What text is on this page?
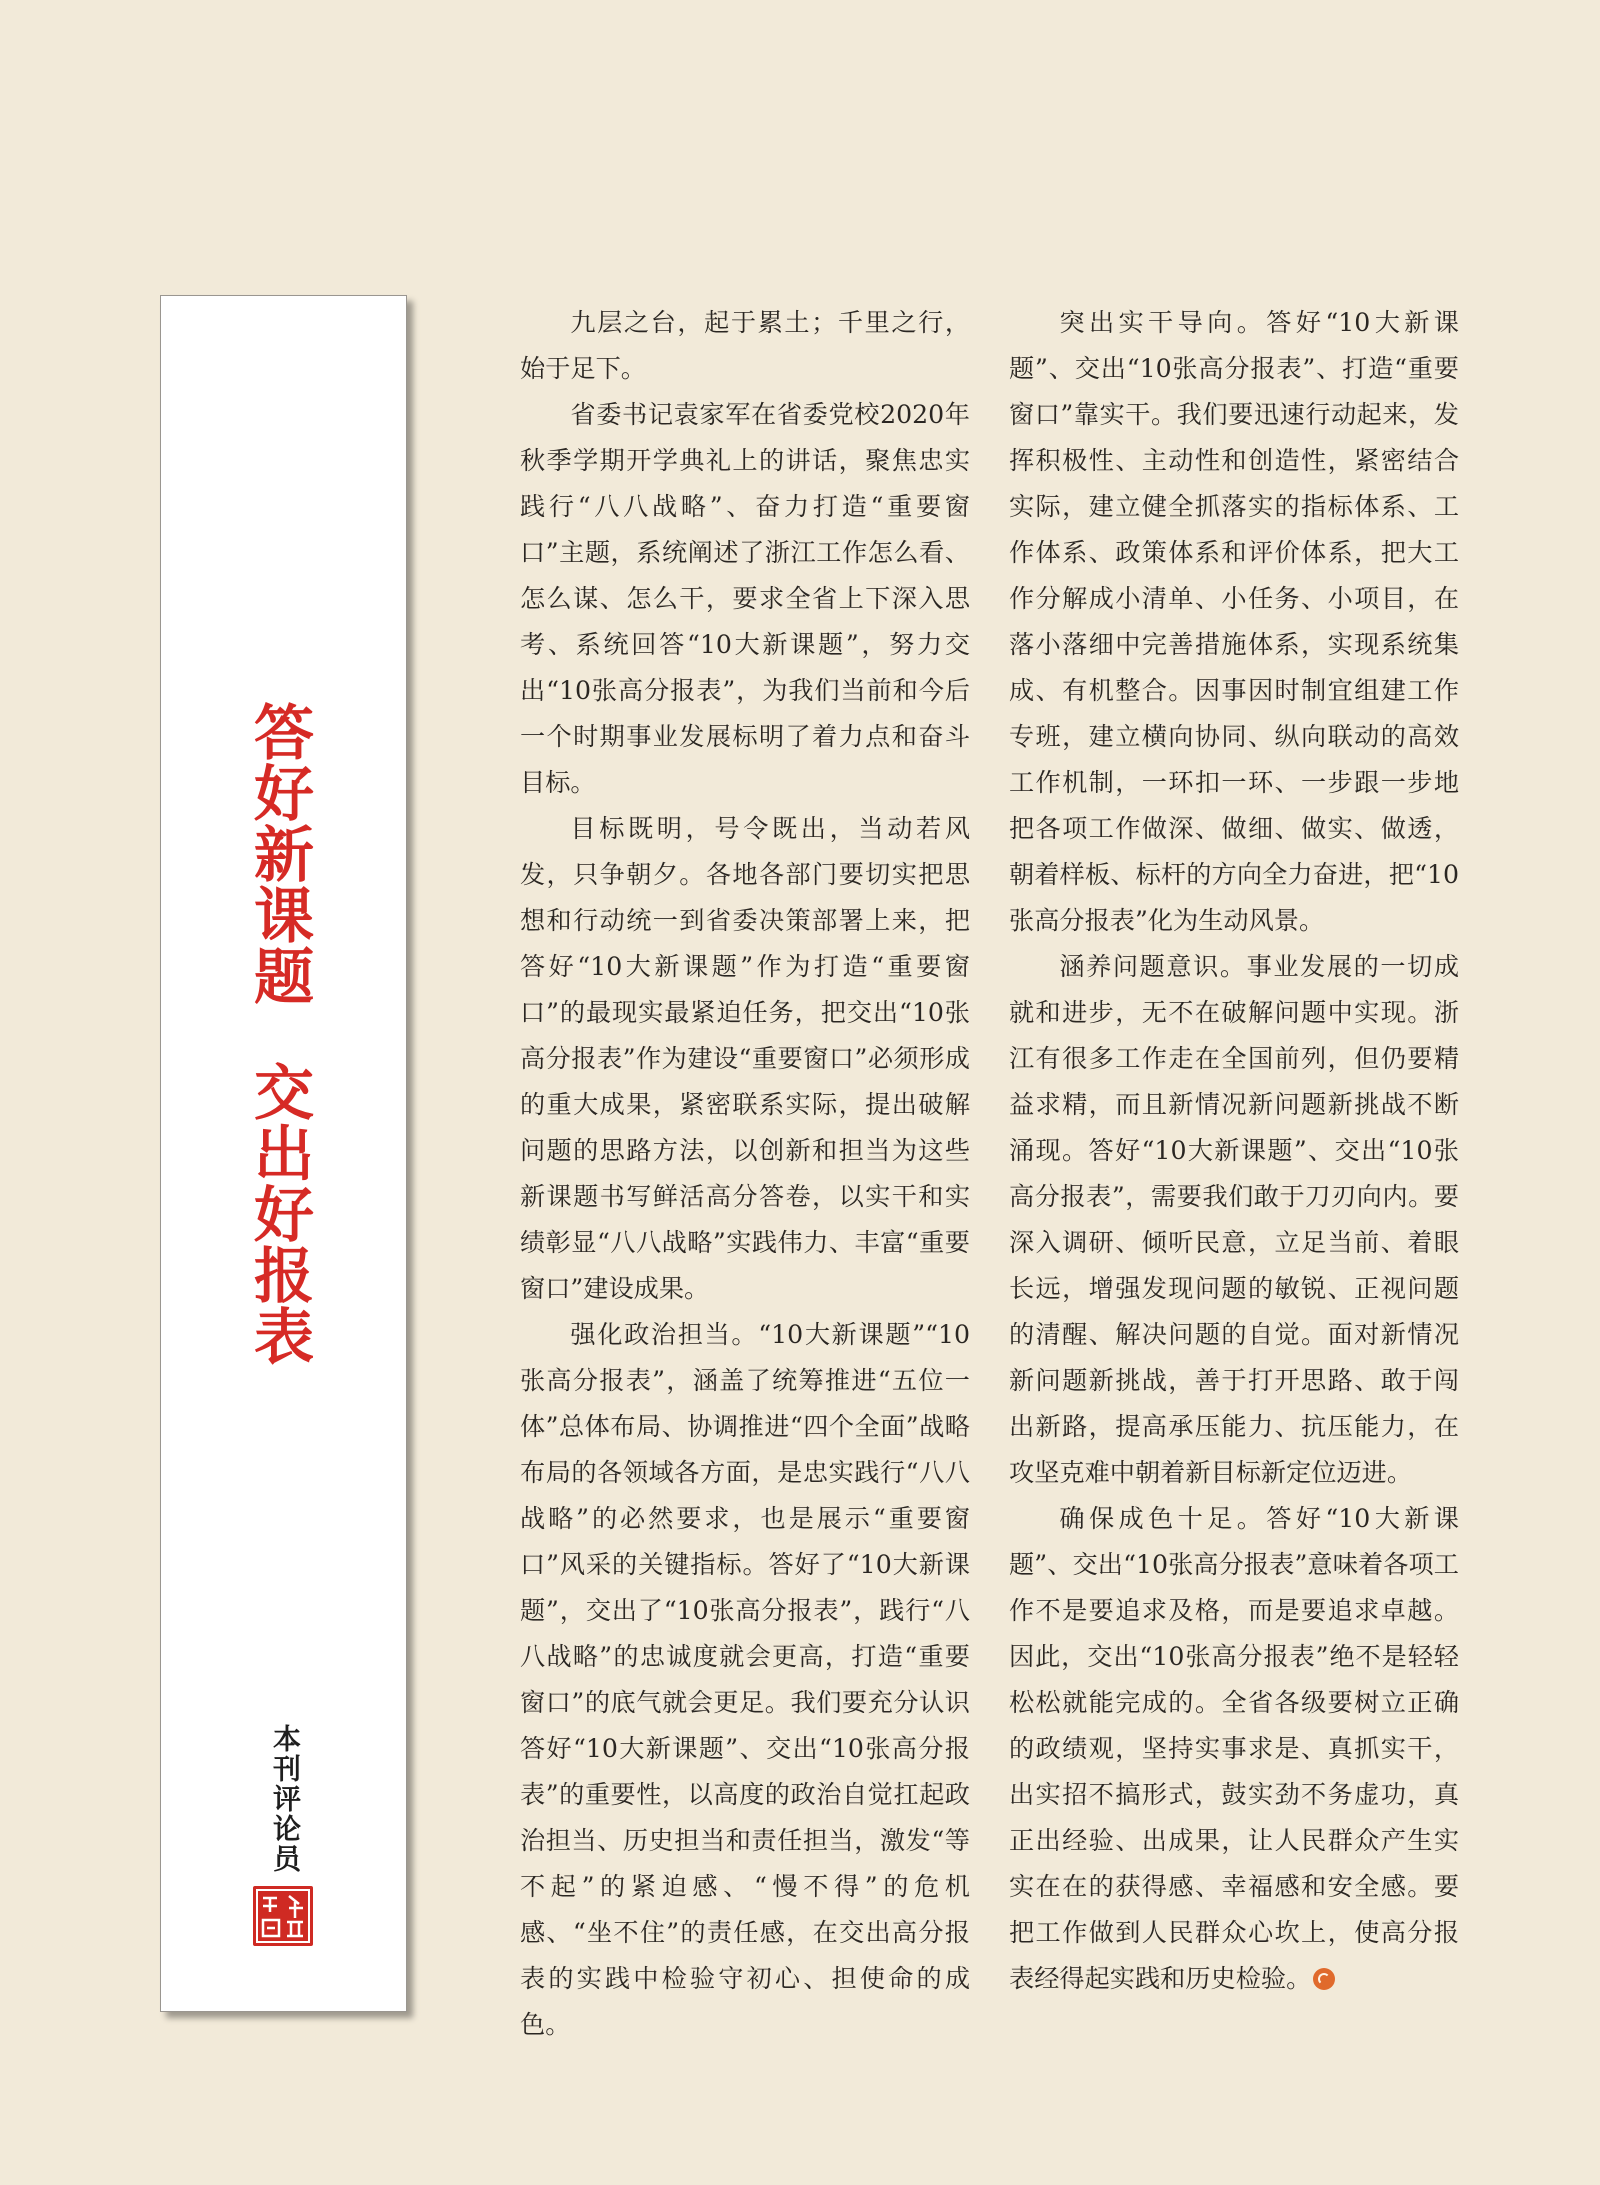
答好新课题
交出好报表
本刊评论员

九层之台，起于累土；千里之行，始于足下。

省委书记袁家军在省委党校2020年秋季学期开学典礼上的讲话，聚焦忠实践行“八八战略”、奋力打造“重要窗口”主题，系统阐述了浙江工作怎么看、怎么谋、怎么干，要求全省上下深入思考、系统回答“10大新课题”，努力交出“10张高分报表”，为我们当前和今后一个时期事业发展标明了着力点和奋斗目标。

目标既明，号令既出，当动若风发，只争朝夕。各地各部门要切实把思想和行动统一到省委决策部署上来，把答好“10大新课题”作为打造“重要窗口”的最现实最紧迫任务，把交出“10张高分报表”作为建设“重要窗口”必须形成的重大成果，紧密联系实际，提出破解问题的思路方法，以创新和担当为这些新课题书写鲜活高分答卷，以实干和实绩彰显“八八战略”实践伟力、丰富“重要窗口”建设成果。

强化政治担当。“10大新课题”“10张高分报表”，涵盖了统筹推进“五位一体”总体布局、协调推进“四个全面”战略布局的各领域各方面，是忠实践行“八八战略”的必然要求，也是展示“重要窗口”风采的关键指标。答好了“10大新课题”，交出了“10张高分报表”，践行“八八战略”的忠诚度就会更高，打造“重要窗口”的底气就会更足。我们要充分认识答好“10大新课题”、交出“10张高分报表”的重要性，以高度的政治自觉扛起政治担当、历史担当和责任担当，激发“等不起”的紧迫感、“慢不得”的危机感、“坐不住”的责任感，在交出高分报表的实践中检验守初心、担使命的成色。

突出实干导向。答好“10大新课题”、交出“10张高分报表”、打造“重要窗口”靠实干。我们要迅速行动起来，发挥积极性、主动性和创造性，紧密结合实际，建立健全抓落实的指标体系、工作体系、政策体系和评价体系，把大工作分解成小清单、小任务、小项目，在落小落细中完善措施体系，实现系统集成、有机整合。因事因时制宜组建工作专班，建立横向协同、纵向联动的高效工作机制，一环扣一环、一步跟一步地把各项工作做深、做细、做实、做透，朝着样板、标杆的方向全力奋进，把“10张高分报表”化为生动风景。

涵养问题意识。事业发展的一切成就和进步，无不在破解问题中实现。浙江有很多工作走在全国前列，但仍要精益求精，而且新情况新问题新挑战不断涌现。答好“10大新课题”、交出“10张高分报表”，需要我们敢于刀刃向内。要深入调研、倾听民意，立足当前、着眼长远，增强发现问题的敏锐、正视问题的清醒、解决问题的自觉。面对新情况新问题新挑战，善于打开思路、敢于闯出新路，提高承压能力、抗压能力，在攻坚克难中朝着新目标新定位迈进。

确保成色十足。答好“10大新课题”、交出“10张高分报表”意味着各项工作不是要追求及格，而是要追求卓越。因此，交出“10张高分报表”绝不是轻轻松松就能完成的。全省各级要树立正确的政绩观，坚持实事求是、真抓实干，出实招不搞形式，鼓实劲不务虚功，真正出经验、出成果，让人民群众产生实实在在的获得感、幸福感和安全感。要把工作做到人民群众心坎上，使高分报表经得起实践和历史检验。
